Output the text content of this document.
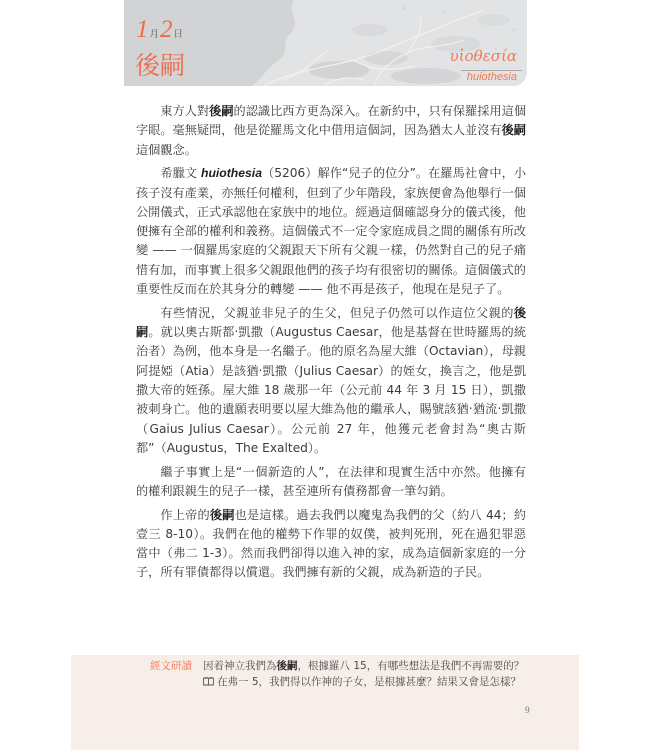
1月2日
後嗣	υἱοθεσία
huiothesia

東方人對後嗣的認識比西方更為深入。在新約中，只有保羅採用這個字眼。毫無疑問，他是從羅馬文化中借用這個詞，因為猶太人並沒有後嗣這個觀念。

希臘文 huiothesia（5206）解作“兒子的位分”。在羅馬社會中，小孩子沒有產業，亦無任何權利，但到了少年階段，家族便會為他舉行一個公開儀式，正式承認他在家族中的地位。經過這個確認身分的儀式後，他便擁有全部的權利和義務。這個儀式不一定令家庭成員之間的關係有所改變 —— 一個羅馬家庭的父親跟天下所有父親一樣，仍然對自己的兒子痛惜有加，而事實上很多父親跟他們的孩子均有很密切的關係。這個儀式的重要性反而在於其身分的轉變 —— 他不再是孩子，他現在是兒子了。

有些情況，父親並非兒子的生父，但兒子仍然可以作這位父親的後嗣。就以奧古斯都‧凱撒（Augustus Caesar，他是基督在世時羅馬的統治者）為例，他本身是一名繼子。他的原名為屋大維（Octavian），母親阿提婭（Atia）是該猶‧凱撒（Julius Caesar）的姪女，換言之，他是凱撒大帝的姪孫。屋大維 18 歲那一年（公元前 44 年 3 月 15 日），凱撒被刺身亡。他的遺願表明要以屋大維為他的繼承人，賜號該猶‧猶流‧凱撒（Gaius Julius Caesar）。公元前 27 年，他獲元老會封為“奧古斯都”（Augustus，The Exalted）。

繼子事實上是“一個新造的人”，在法律和現實生活中亦然。他擁有的權利跟親生的兒子一樣，甚至連所有債務都會一筆勾銷。

作上帝的後嗣也是這樣。過去我們以魔鬼為我們的父（約八 44；約壹三 8-10）。我們在他的權勢下作罪的奴僕，被判死刑，死在過犯罪惡當中（弗二 1-3）。然而我們卻得以進入神的家，成為這個新家庭的一分子，所有罪債都得以償還。我們擁有新的父親，成為新造的子民。

經文研讀 因着神立我們為後嗣，根據羅八 15，有哪些想法是我們不再需要的？
在弗一 5，我們得以作神的子女，是根據甚麼？結果又會是怎樣？
9
